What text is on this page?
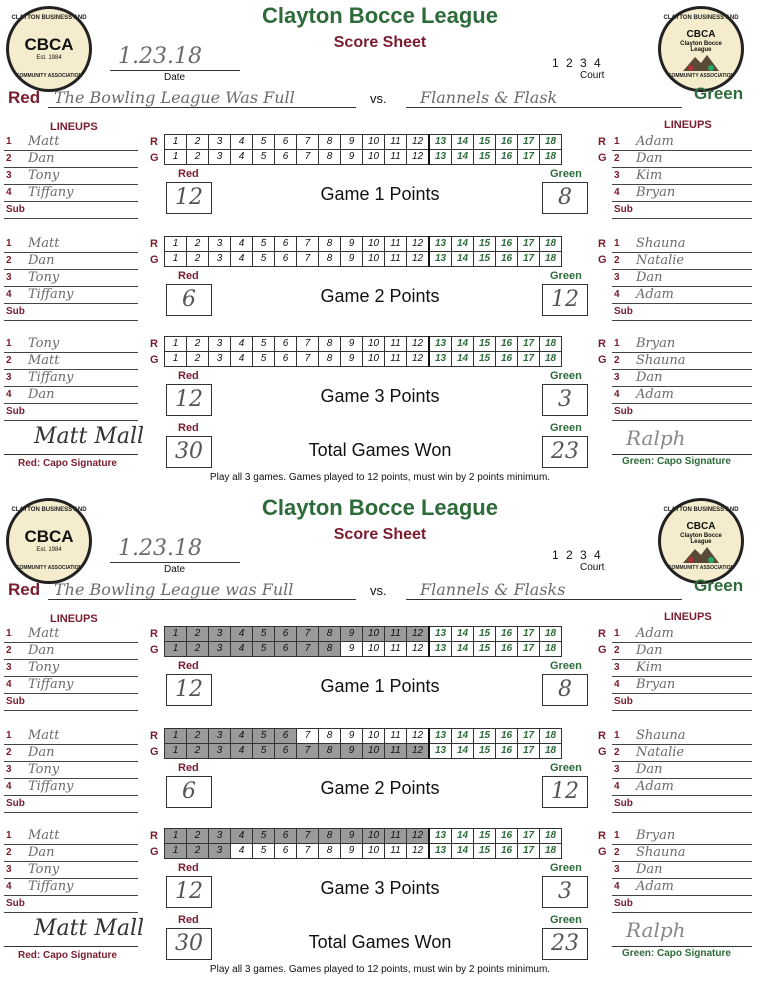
CLAYTON BUSINESS AND
CBCA
Est. 1984
COMMUNITY ASSOCIATION
CLAYTON BUSINESS AND
CBCA
Clayton Bocce League
COMMUNITY ASSOCIATION
Clayton Bocce League
Score Sheet
1.23.18
Date
1 2 3 4
Court
Red The Bowling League Was Full	vs. Flannels & Flask	Green
LINEUPS	LINEUPS
1 Matt
2 Dan
3 Tony
4 Tiffany
Sub
1 Adam
2 Dan
3 Kim
4 Bryan
Sub
R
G
R
G
1	2	3	4	5	6	7	8	9	10	11	12	13	14	15	16	17	18
1	2	3	4	5	6	7	8	9	10	11	12	13	14	15	16	17	18
Red
12	Game 1 Points
Green
8
1 Matt
2 Dan
3 Tony
4 Tiffany
Sub
1 Shauna
2 Natalie
3 Dan
4 Adam
Sub
R
G
R
G
1	2	3	4	5	6	7	8	9	10	11	12	13	14	15	16	17	18
1	2	3	4	5	6	7	8	9	10	11	12	13	14	15	16	17	18
Red
6	Game 2 Points
Green
12
1 Tony
2 Matt
3 Tiffany
4 Dan
Sub
1 Bryan
2 Shauna
3 Dan
4 Adam
Sub
R
G
R
G
1	2	3	4	5	6	7	8	9	10	11	12	13	14	15	16	17	18
1	2	3	4	5	6	7	8	9	10	11	12	13	14	15	16	17	18
Red
12	Game 3 Points
Green
3
Red
30	Total Games Won
Green
23
Matt Mall
Red: Capo Signature
Ralph
Green: Capo Signature
Play all 3 games. Games played to 12 points, must win by 2 points minimum.
CLAYTON BUSINESS AND
CBCA
Est. 1984
COMMUNITY ASSOCIATION
CLAYTON BUSINESS AND
CBCA
Clayton Bocce League
COMMUNITY ASSOCIATION
Clayton Bocce League
Score Sheet
1.23.18
Date
1 2 3 4
Court
Red The Bowling League was Full	vs. Flannels & Flasks	Green
LINEUPS	LINEUPS
1 Matt
2 Dan
3 Tony
4 Tiffany
Sub
1 Adam
2 Dan
3 Kim
4 Bryan
Sub
R
G
R
G
1	2	3	4	5	6	7	8	9	10	11	12	13	14	15	16	17	18
1	2	3	4	5	6	7	8	9	10	11	12	13	14	15	16	17	18
Red
12	Game 1 Points
Green
8
1 Matt
2 Dan
3 Tony
4 Tiffany
Sub
1 Shauna
2 Natalie
3 Dan
4 Adam
Sub
R
G
R
G
1	2	3	4	5	6	7	8	9	10	11	12	13	14	15	16	17	18
1	2	3	4	5	6	7	8	9	10	11	12	13	14	15	16	17	18
Red
6	Game 2 Points
Green
12
1 Matt
2 Dan
3 Tony
4 Tiffany
Sub
1 Bryan
2 Shauna
3 Dan
4 Adam
Sub
R
G
R
G
1	2	3	4	5	6	7	8	9	10	11	12	13	14	15	16	17	18
1	2	3	4	5	6	7	8	9	10	11	12	13	14	15	16	17	18
Red
12	Game 3 Points
Green
3
Red
30	Total Games Won
Green
23
Matt Mall
Red: Capo Signature
Ralph
Green: Capo Signature
Play all 3 games. Games played to 12 points, must win by 2 points minimum.
